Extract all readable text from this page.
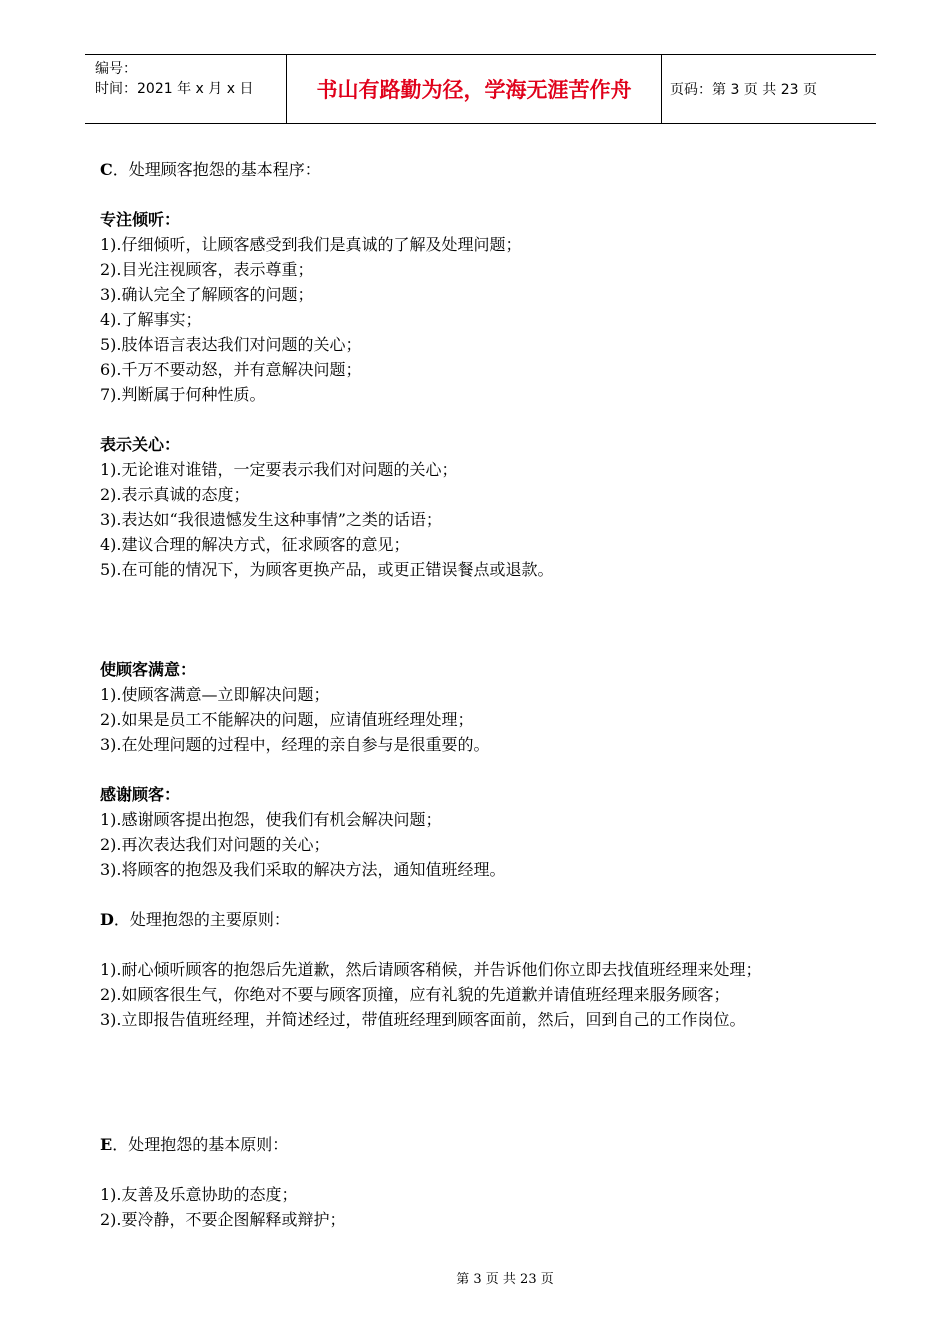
编号：
时间：2021 年 x 月 x 日	书山有路勤为径，学海无涯苦作舟	页码：第 3 页 共 23 页
C．处理顾客抱怨的基本程序：
专注倾听：
1).仔细倾听，让顾客感受到我们是真诚的了解及处理问题；
2).目光注视顾客，表示尊重；
3).确认完全了解顾客的问题；
4).了解事实；
5).肢体语言表达我们对问题的关心；
6).千万不要动怒，并有意解决问题；
7).判断属于何种性质。
表示关心：
1).无论谁对谁错，一定要表示我们对问题的关心；
2).表示真诚的态度；
3).表达如“我很遗憾发生这种事情”之类的话语；
4).建议合理的解决方式，征求顾客的意见；
5).在可能的情况下，为顾客更换产品，或更正错误餐点或退款。
使顾客满意：
1).使顾客满意—立即解决问题；
2).如果是员工不能解决的问题，应请值班经理处理；
3).在处理问题的过程中，经理的亲自参与是很重要的。
感谢顾客：
1).感谢顾客提出抱怨，使我们有机会解决问题；
2).再次表达我们对问题的关心；
3).将顾客的抱怨及我们采取的解决方法，通知值班经理。
D．处理抱怨的主要原则：
1).耐心倾听顾客的抱怨后先道歉，然后请顾客稍候，并告诉他们你立即去找值班经理来处理；
2).如顾客很生气，你绝对不要与顾客顶撞，应有礼貌的先道歉并请值班经理来服务顾客；
3).立即报告值班经理，并简述经过，带值班经理到顾客面前，然后，回到自己的工作岗位。
E．处理抱怨的基本原则：
1).友善及乐意协助的态度；
2).要冷静，不要企图解释或辩护；
第 3 页 共 23 页
